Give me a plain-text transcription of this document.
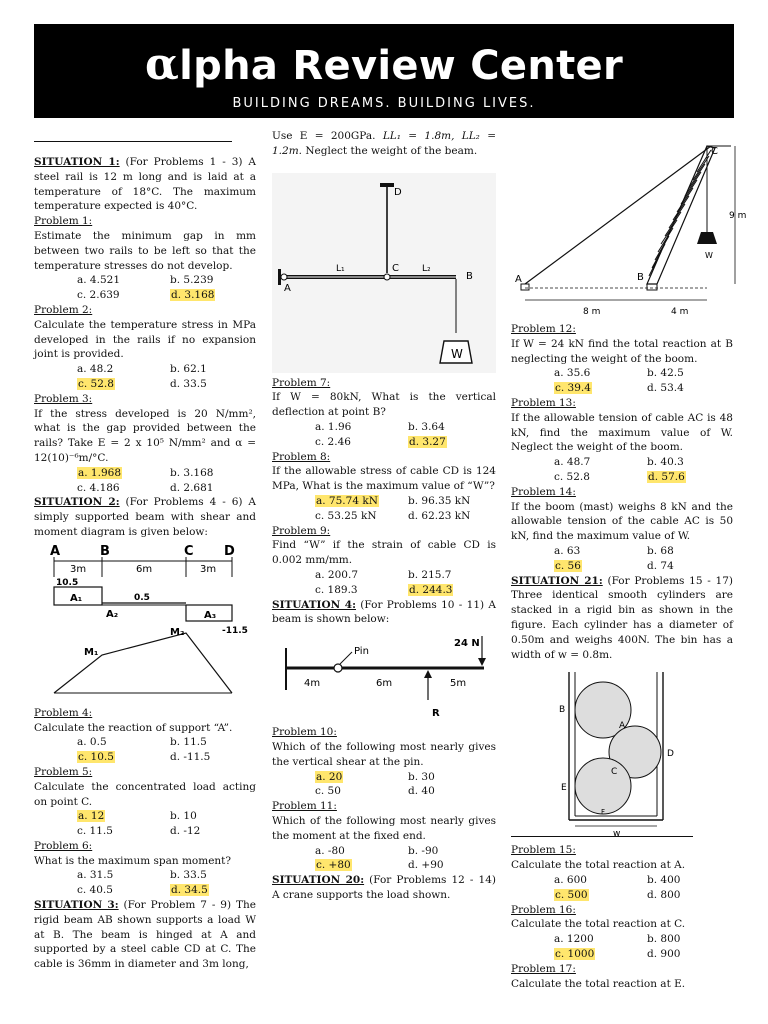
αlpha Review Center
BUILDING DREAMS. BUILDING LIVES.

SITUATION 1: (For Problems 1 - 3) A steel rail is 12 m long and is laid at a temperature of 18°C. The maximum temperature expected is 40°C.

Problem 1:

Estimate the minimum gap in mm between two rails to be left so that the temperature stresses do not develop.

a. 4.521	b. 5.239
c. 2.639	d. 3.168
Problem 2:

Calculate the temperature stress in MPa developed in the rails if no expansion joint is provided.

a. 48.2	b. 62.1
c. 52.8	d. 33.5
Problem 3:

If the stress developed is 20 N/mm², what is the gap provided between the rails? Take E = 2 x 10⁵ N/mm² and α = 12(10)⁻⁶m/°C.

a. 1.968	b. 3.168
c. 4.186	d. 2.681

SITUATION 2: (For Problems 4 - 6) A simply supported beam with shear and moment diagram is given below:

A	B	C D
3m	6m	3m
10.5
A₁	0.5
A₂	A₃
-11.5
M₁
M₂
Problem 4:

Calculate the reaction of support “A”.

a. 0.5	b. 11.5
c. 10.5	d. -11.5
Problem 5:

Calculate the concentrated load acting on point C.

a. 12	b. 10
c. 11.5	d. -12
Problem 6:

What is the maximum span moment?

a. 31.5	b. 33.5
c. 40.5	d. 34.5

SITUATION 3: (For Problem 7 - 9) The rigid beam AB shown supports a load W at B. The beam is hinged at A and supported by a steel cable CD at C. The cable is 36mm in diameter and 3m long,

Use E = 200GPa. LL₁ = 1.8m, LL₂ = 1.2m. Neglect the weight of the beam.

D
A
C
B
L₁	L₂
W
Problem 7:

If W = 80kN, What is the vertical deflection at point B?

a. 1.96	b. 3.64
c. 2.46	d. 3.27
Problem 8:

If the allowable stress of cable CD is 124 MPa, What is the maximum value of “W”?

a. 75.74 kN	b. 96.35 kN
c. 53.25 kN	d. 62.23 kN
Problem 9:

Find “W” if the strain of cable CD is 0.002 mm/mm.

a. 200.7	b. 215.7
c. 189.3	d. 244.3

SITUATION 4: (For Problems 10 - 11) A beam is shown below:

Pin
24 N
R
4m	6m	5m
Problem 10:

Which of the following most nearly gives the vertical shear at the pin.

a. 20	b. 30
c. 50	d. 40
Problem 11:

Which of the following most nearly gives the moment at the fixed end.

a. -80	b. -90
c. +80	d. +90

SITUATION 20: (For Problems 12 - 14) A crane supports the load shown.

C
W
9 m
A	B
8 m	4 m
Problem 12:

If W = 24 kN find the total reaction at B neglecting the weight of the boom.

a. 35.6	b. 42.5
c. 39.4	d. 53.4
Problem 13:

If the allowable tension of cable AC is 48 kN, find the maximum value of W. Neglect the weight of the boom.

a. 48.7	b. 40.3
c. 52.8	d. 57.6
Problem 14:

If the boom (mast) weighs 8 kN and the allowable tension of the cable AC is 50 kN, find the maximum value of W.

a. 63	b. 68
c. 56	d. 74

SITUATION 21: (For Problems 15 - 17) Three identical smooth cylinders are stacked in a rigid bin as shown in the figure. Each cylinder has a diameter of 0.50m and weighs 400N. The bin has a width of w = 0.8m.

B
A
D
C
E
F
w
Problem 15:

Calculate the total reaction at A.

a. 600	b. 400
c. 500	d. 800
Problem 16:

Calculate the total reaction at C.

a. 1200	b. 800
c. 1000	d. 900
Problem 17:

Calculate the total reaction at E.
